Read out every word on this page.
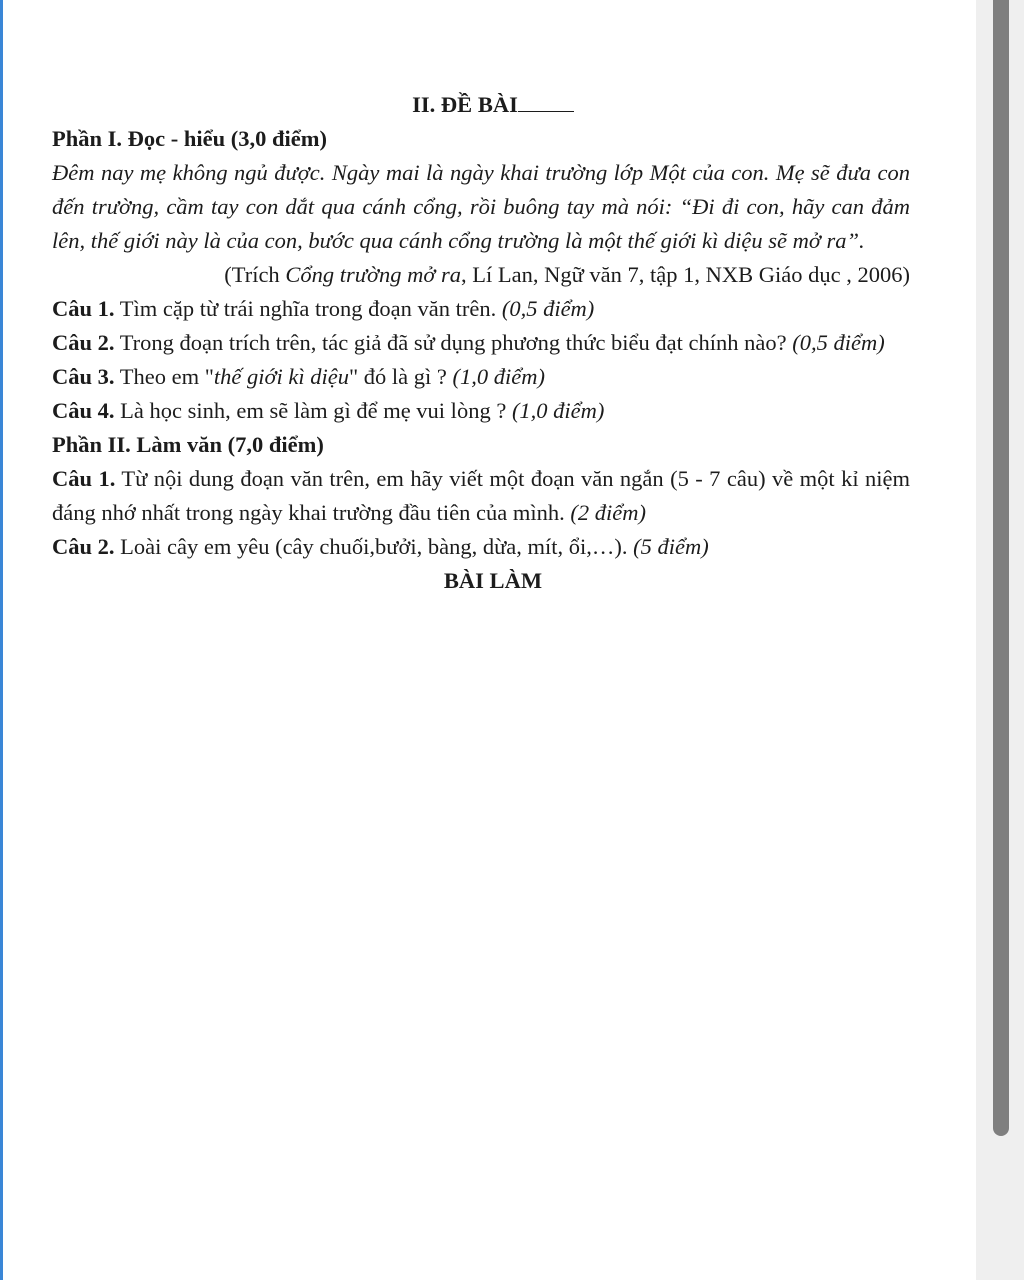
II. ĐỀ BÀI
Phần I. Đọc - hiểu (3,0 điểm)
Đêm nay mẹ không ngủ được. Ngày mai là ngày khai trường lớp Một của con. Mẹ sẽ đưa con đến trường, cầm tay con dắt qua cánh cổng, rồi buông tay mà nói: “Đi đi con, hãy can đảm lên, thế giới này là của con, bước qua cánh cổng trường là một thế giới kì diệu sẽ mở ra”.
(Trích Cổng trường mở ra, Lí Lan, Ngữ văn 7, tập 1, NXB Giáo dục , 2006)
Câu 1. Tìm cặp từ trái nghĩa trong đoạn văn trên. (0,5 điểm)
Câu 2. Trong đoạn trích trên, tác giả đã sử dụng phương thức biểu đạt chính nào? (0,5 điểm)
Câu 3. Theo em "thế giới kì diệu" đó là gì ? (1,0 điểm)
Câu 4. Là học sinh, em sẽ làm gì để mẹ vui lòng ? (1,0 điểm)
Phần II. Làm văn (7,0 điểm)
Câu 1. Từ nội dung đoạn văn trên, em hãy viết một đoạn văn ngắn (5 - 7 câu) về một kỉ niệm đáng nhớ nhất trong ngày khai trường đầu tiên của mình. (2 điểm)
Câu 2. Loài cây em yêu (cây chuối,bưởi, bàng, dừa, mít, ổi,…). (5 điểm)
BÀI LÀM
